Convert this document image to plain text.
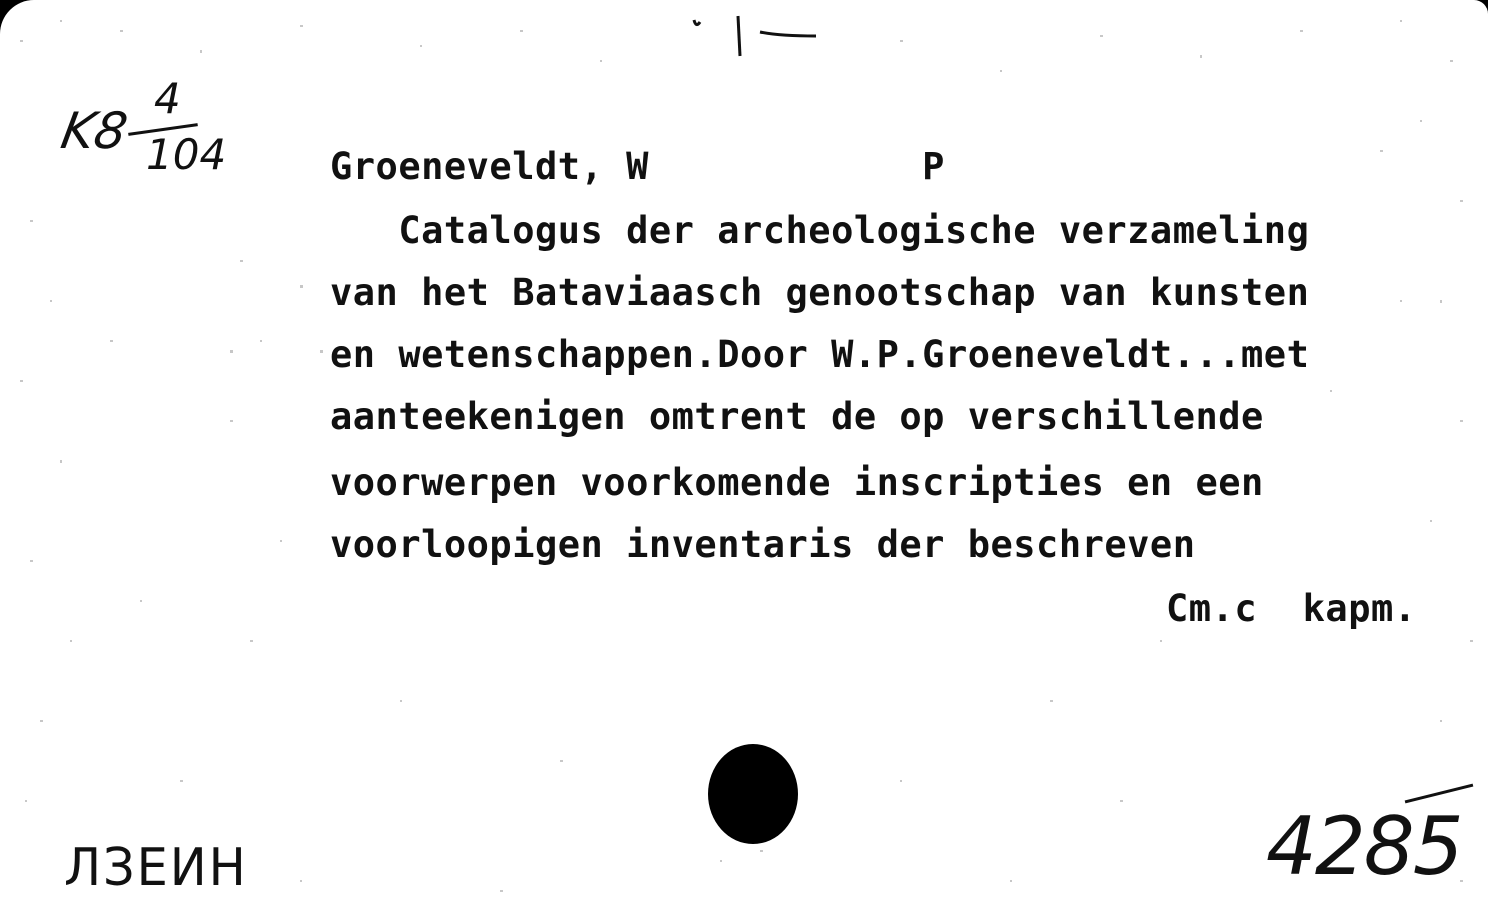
K8
4
104	Groeneveldt, W            P
Catalogus der archeologische verzameling
van het Bataviaasch genootschap van kunsten
en wetenschappen.Door W.P.Groeneveldt...met
aanteekenigen omtrent de op verschillende
voorwerpen voorkomende inscripties en een
voorloopigen inventaris der beschreven
Cm.c  kapm.
ЛЗЕИН	4285
